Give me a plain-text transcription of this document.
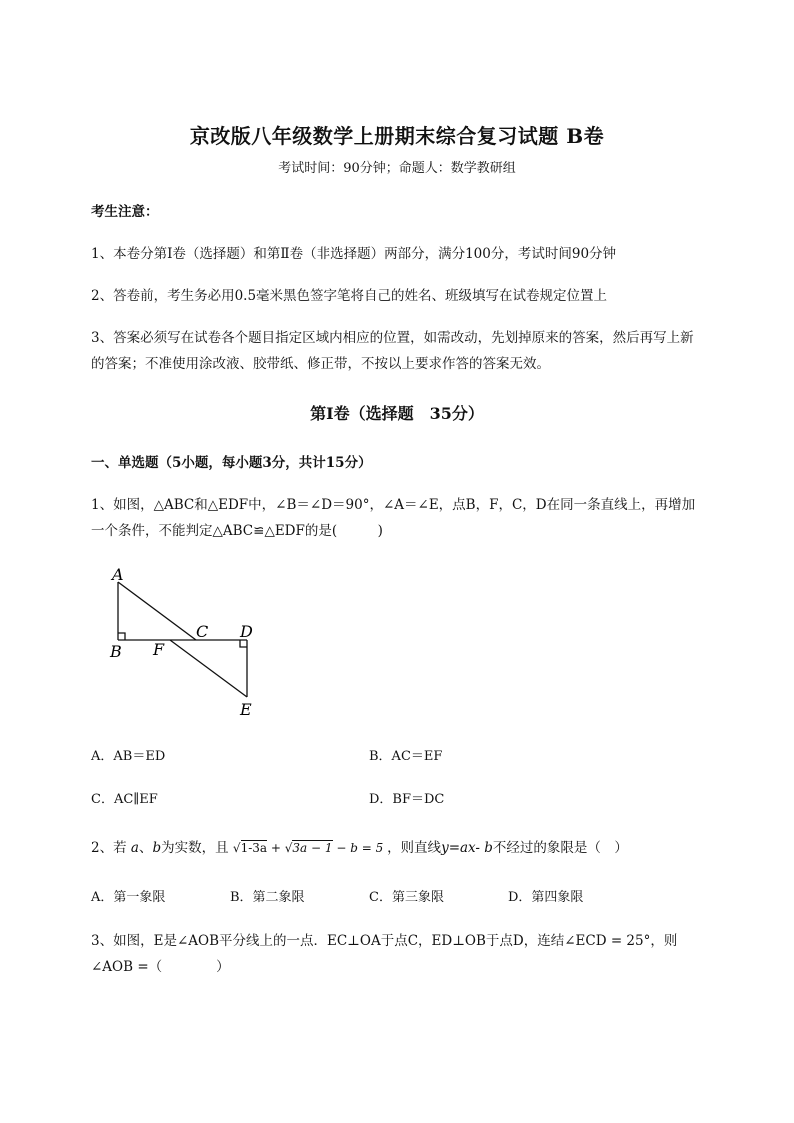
京改版八年级数学上册期末综合复习试题 B卷
考试时间：90分钟；命题人：数学教研组
考生注意：
1、本卷分第I卷（选择题）和第Ⅱ卷（非选择题）两部分，满分100分，考试时间90分钟
2、答卷前，考生务必用0.5毫米黑色签字笔将自己的姓名、班级填写在试卷规定位置上
3、答案必须写在试卷各个题目指定区域内相应的位置，如需改动，先划掉原来的答案，然后再写上新
的答案；不准使用涂改液、胶带纸、修正带，不按以上要求作答的答案无效。
第I卷（选择题　35分）
一、单选题（5小题，每小题3分，共计15分）
1、如图，△ABC和△EDF中，∠B＝∠D＝90°，∠A＝∠E，点B，F，C，D在同一条直线上，再增加
一个条件，不能判定△ABC≌△EDF的是(　　　)
A
B F
C D
E
A．AB＝ED	B．AC＝EF
C．AC∥EF	D．BF＝DC
2、若 a、b为实数，且 √1-3a + √3a − 1 − b = 5 ，则直线y=ax- b不经过的象限是（　）
A．第一象限	B．第二象限	C．第三象限	D．第四象限
3、如图，E是∠AOB平分线上的一点．EC⊥OA于点C，ED⊥OB于点D，连结∠ECD = 25°，则
∠AOB =（　　　　）
